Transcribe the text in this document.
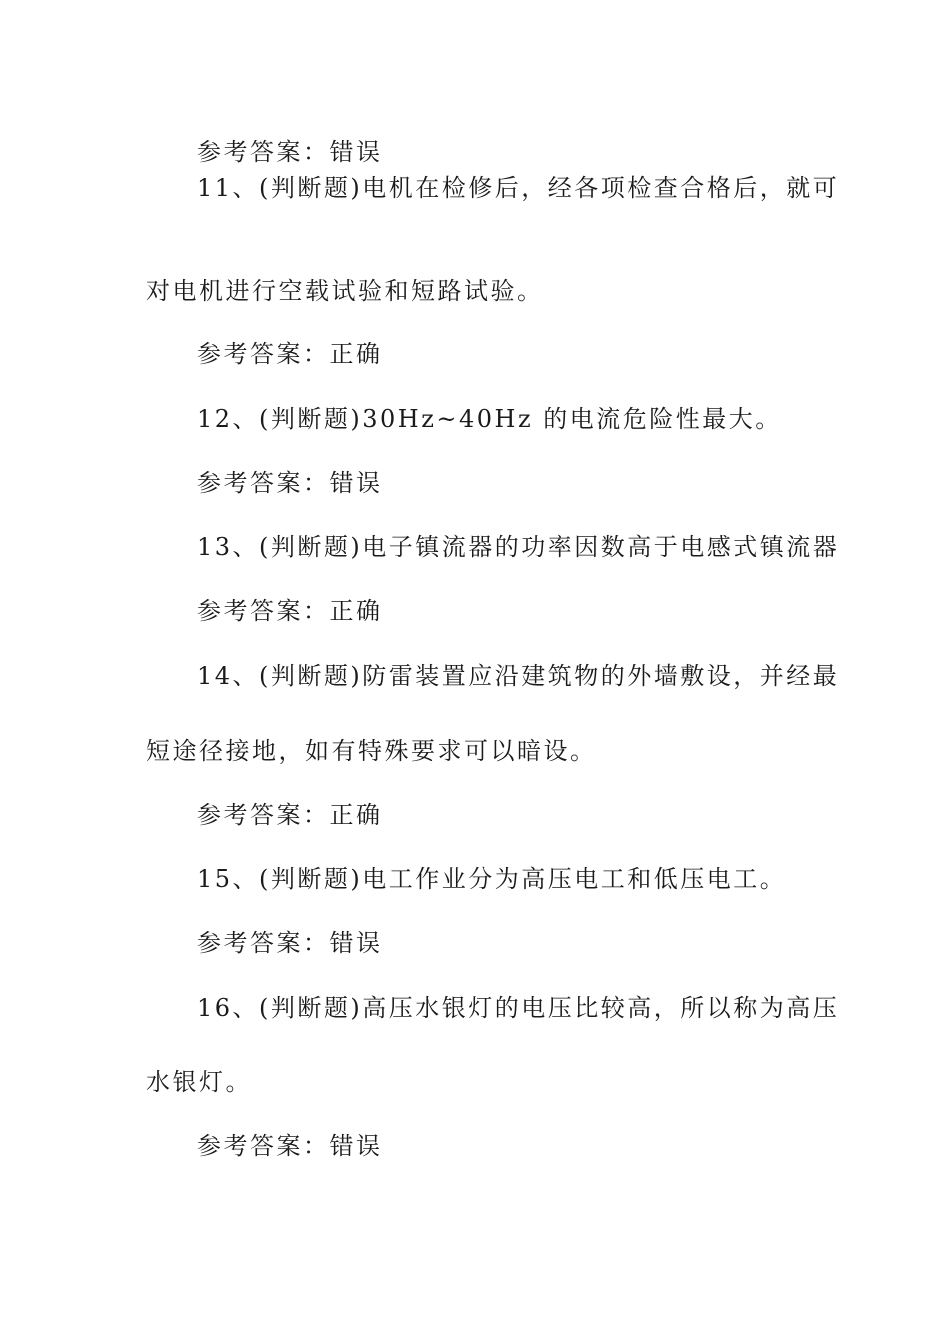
参考答案：错误
11、(判断题)电机在检修后，经各项检查合格后，就可
对电机进行空载试验和短路试验。
参考答案：正确
12、(判断题)30Hz~40Hz 的电流危险性最大。
参考答案：错误
13、(判断题)电子镇流器的功率因数高于电感式镇流器
参考答案：正确
14、(判断题)防雷装置应沿建筑物的外墙敷设，并经最
短途径接地，如有特殊要求可以暗设。
参考答案：正确
15、(判断题)电工作业分为高压电工和低压电工。
参考答案：错误
16、(判断题)高压水银灯的电压比较高，所以称为高压
水银灯。
参考答案：错误
